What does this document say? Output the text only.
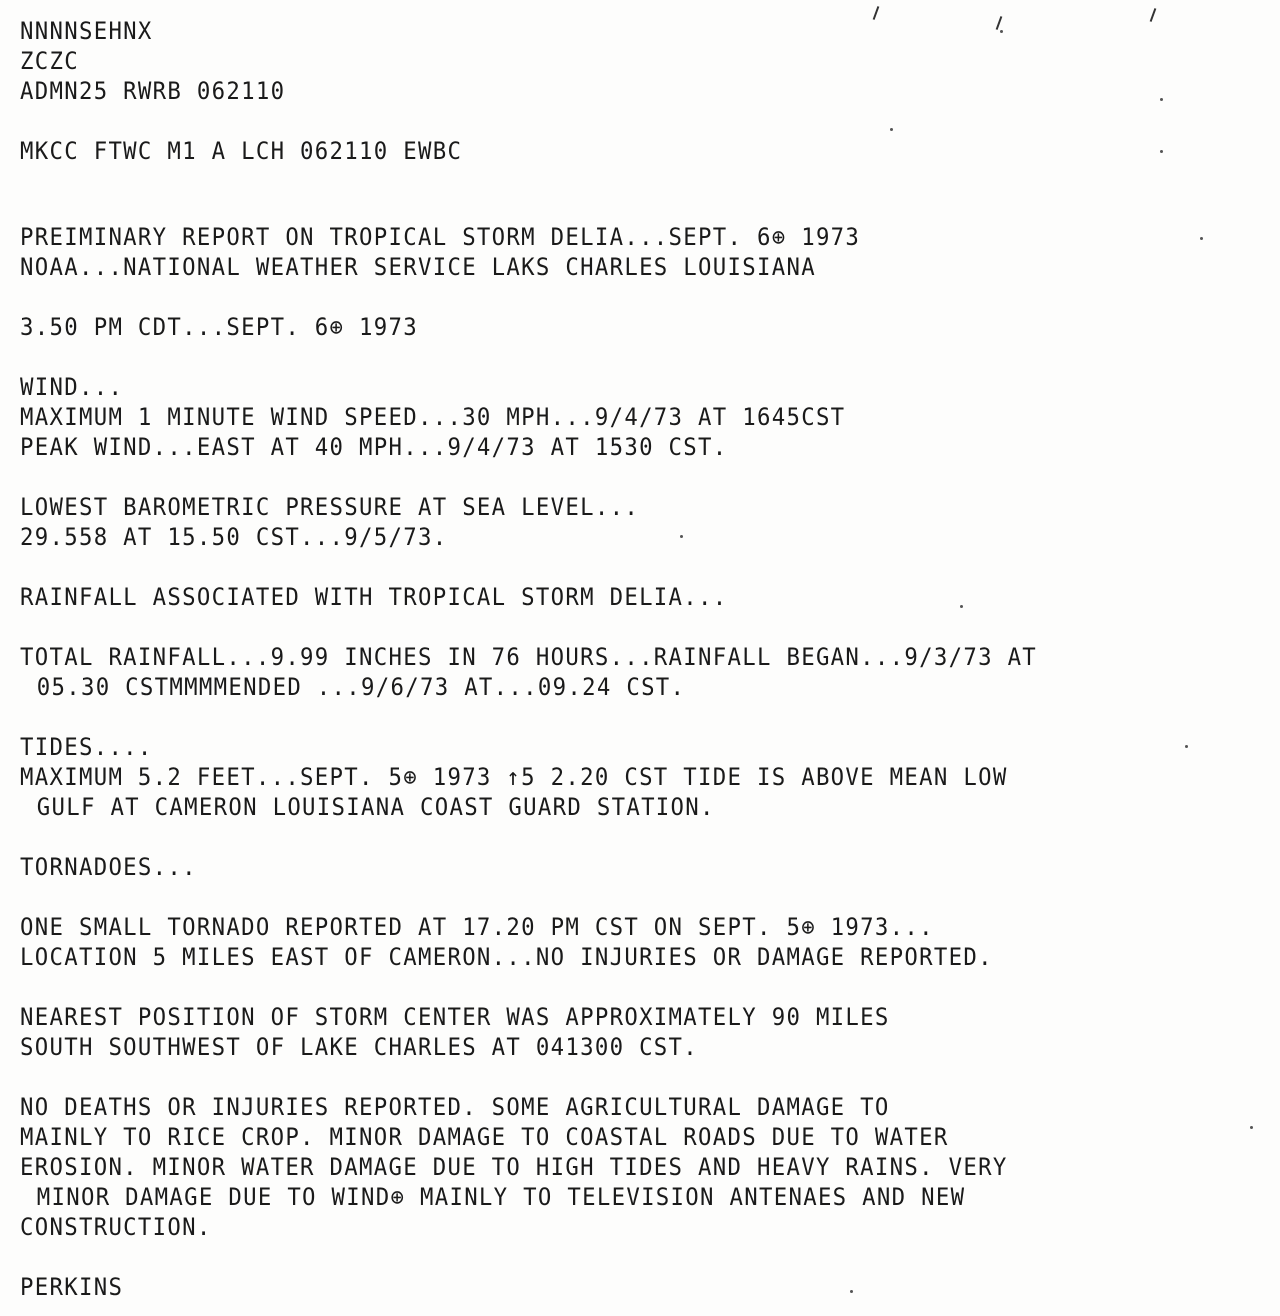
NNNNSEHNX
ZCZC
ADMN25 RWRB 062110
MKCC FTWC M1 A LCH 062110 EWBC
PREIMINARY REPORT ON TROPICAL STORM DELIA...SEPT. 6⊕ 1973
NOAA...NATIONAL WEATHER SERVICE LAKS CHARLES LOUISIANA
3.50 PM CDT...SEPT. 6⊕ 1973
WIND...
MAXIMUM 1 MINUTE WIND SPEED...30 MPH...9/4/73 AT 1645CST
PEAK WIND...EAST AT 40 MPH...9/4/73 AT 1530 CST.
LOWEST BAROMETRIC PRESSURE AT SEA LEVEL...
29.558 AT 15.50 CST...9/5/73.
RAINFALL ASSOCIATED WITH TROPICAL STORM DELIA...
TOTAL RAINFALL...9.99 INCHES IN 76 HOURS...RAINFALL BEGAN...9/3/73 AT
05.30 CSTMMMMENDED ...9/6/73 AT...09.24 CST.
TIDES....
MAXIMUM 5.2 FEET...SEPT. 5⊕ 1973 ↑5 2.20 CST TIDE IS ABOVE MEAN LOW
GULF AT CAMERON LOUISIANA COAST GUARD STATION.
TORNADOES...
ONE SMALL TORNADO REPORTED AT 17.20 PM CST ON SEPT. 5⊕ 1973...
LOCATION 5 MILES EAST OF CAMERON...NO INJURIES OR DAMAGE REPORTED.
NEAREST POSITION OF STORM CENTER WAS APPROXIMATELY 90 MILES
SOUTH SOUTHWEST OF LAKE CHARLES AT 041300 CST.
NO DEATHS OR INJURIES REPORTED. SOME AGRICULTURAL DAMAGE TO
MAINLY TO RICE CROP. MINOR DAMAGE TO COASTAL ROADS DUE TO WATER
EROSION. MINOR WATER DAMAGE DUE TO HIGH TIDES AND HEAVY RAINS. VERY
MINOR DAMAGE DUE TO WIND⊕ MAINLY TO TELEVISION ANTENAES AND NEW
CONSTRUCTION.
PERKINS
